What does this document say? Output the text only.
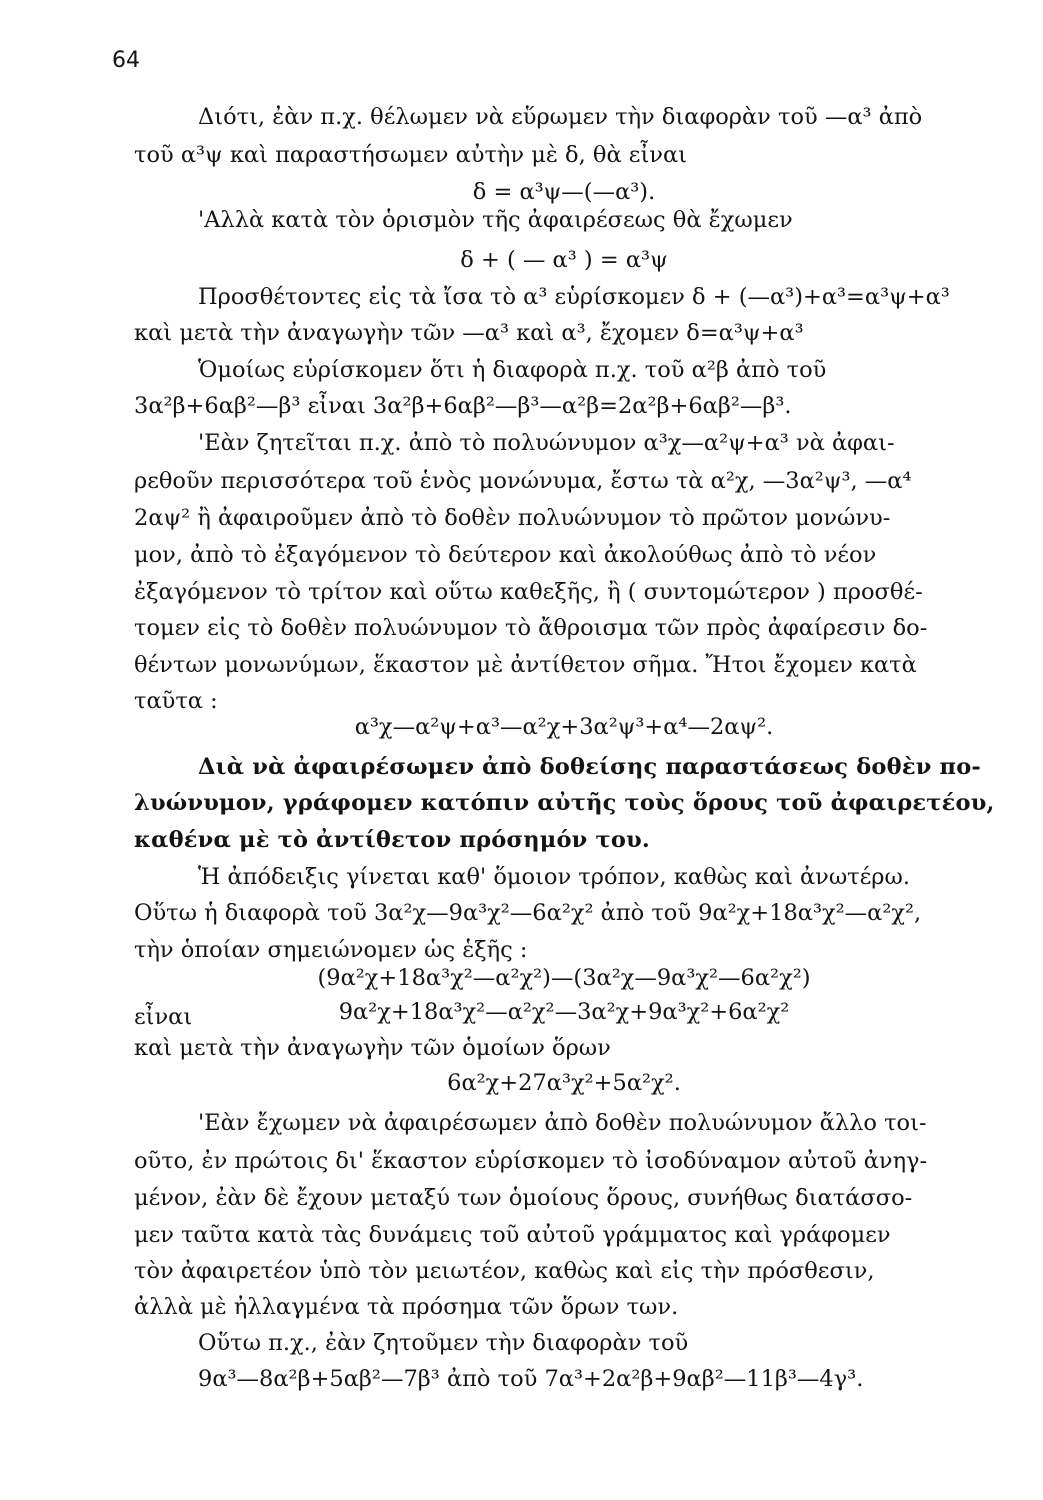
64
Διότι, ἐὰν π.χ. θέλωμεν νὰ εὕρωμεν τὴν διαφορὰν τοῦ —α³ ἀπὸ
τοῦ α³ψ καὶ παραστήσωμεν αὐτὴν μὲ δ, θὰ εἶναι
δ = α³ψ—(—α³).
'Αλλὰ κατὰ τὸν ὁρισμὸν τῆς ἀφαιρέσεως θὰ ἔχωμεν
δ + ( — α³ ) = α³ψ
Προσθέτοντες εἰς τὰ ἴσα τὸ α³ εὑρίσκομεν δ + (—α³)+α³=α³ψ+α³
καὶ μετὰ τὴν ἀναγωγὴν τῶν —α³ καὶ α³, ἔχομεν δ=α³ψ+α³
Ὁμοίως εὑρίσκομεν ὅτι ἡ διαφορὰ π.χ. τοῦ α²β ἀπὸ τοῦ
3α²β+6αβ²—β³ εἶναι 3α²β+6αβ²—β³—α²β=2α²β+6αβ²—β³.
'Εὰν ζητεῖται π.χ. ἀπὸ τὸ πολυώνυμον α³χ—α²ψ+α³ νὰ ἀφαι-
ρεθοῦν περισσότερα τοῦ ἑνὸς μονώνυμα, ἔστω τὰ α²χ, —3α²ψ³, —α⁴
2αψ² ἢ ἀφαιροῦμεν ἀπὸ τὸ δοθὲν πολυώνυμον τὸ πρῶτον μονώνυ-
μον, ἀπὸ τὸ ἐξαγόμενον τὸ δεύτερον καὶ ἀκολούθως ἀπὸ τὸ νέον
ἐξαγόμενον τὸ τρίτον καὶ οὕτω καθεξῆς, ἢ ( συντομώτερον ) προσθέ-
τομεν εἰς τὸ δοθὲν πολυώνυμον τὸ ἄθροισμα τῶν πρὸς ἀφαίρεσιν δο-
θέντων μονωνύμων, ἕκαστον μὲ ἀντίθετον σῆμα. Ἤτοι ἔχομεν κατὰ
ταῦτα :
α³χ—α²ψ+α³—α²χ+3α²ψ³+α⁴—2αψ².
Διὰ νὰ ἀφαιρέσωμεν ἀπὸ δοθείσης παραστάσεως δοθὲν πο-
λυώνυμον, γράφομεν κατόπιν αὐτῆς τοὺς ὅρους τοῦ ἀφαιρετέου,
καθένα μὲ τὸ ἀντίθετον πρόσημόν του.
Ἡ ἀπόδειξις γίνεται καθ' ὅμοιον τρόπον, καθὼς καὶ ἀνωτέρω.
Οὕτω ἡ διαφορὰ τοῦ 3α²χ—9α³χ²—6α²χ² ἀπὸ τοῦ 9α²χ+18α³χ²—α²χ²,
τὴν ὁποίαν σημειώνομεν ὡς ἑξῆς :
(9α²χ+18α³χ²—α²χ²)—(3α²χ—9α³χ²—6α²χ²)
εἶναι	9α²χ+18α³χ²—α²χ²—3α²χ+9α³χ²+6α²χ²
καὶ μετὰ τὴν ἀναγωγὴν τῶν ὁμοίων ὅρων
6α²χ+27α³χ²+5α²χ².
'Εὰν ἔχωμεν νὰ ἀφαιρέσωμεν ἀπὸ δοθὲν πολυώνυμον ἄλλο τοι-
οῦτο, ἐν πρώτοις δι' ἕκαστον εὑρίσκομεν τὸ ἰσοδύναμον αὐτοῦ ἀνηγ-
μένον, ἐὰν δὲ ἔχουν μεταξύ των ὁμοίους ὅρους, συνήθως διατάσσο-
μεν ταῦτα κατὰ τὰς δυνάμεις τοῦ αὐτοῦ γράμματος καὶ γράφομεν
τὸν ἀφαιρετέον ὑπὸ τὸν μειωτέον, καθὼς καὶ εἰς τὴν πρόσθεσιν,
ἀλλὰ μὲ ἠλλαγμένα τὰ πρόσημα τῶν ὅρων των.
Οὕτω π.χ., ἐὰν ζητοῦμεν τὴν διαφορὰν τοῦ
9α³—8α²β+5αβ²—7β³ ἀπὸ τοῦ 7α³+2α²β+9αβ²—11β³—4γ³.
